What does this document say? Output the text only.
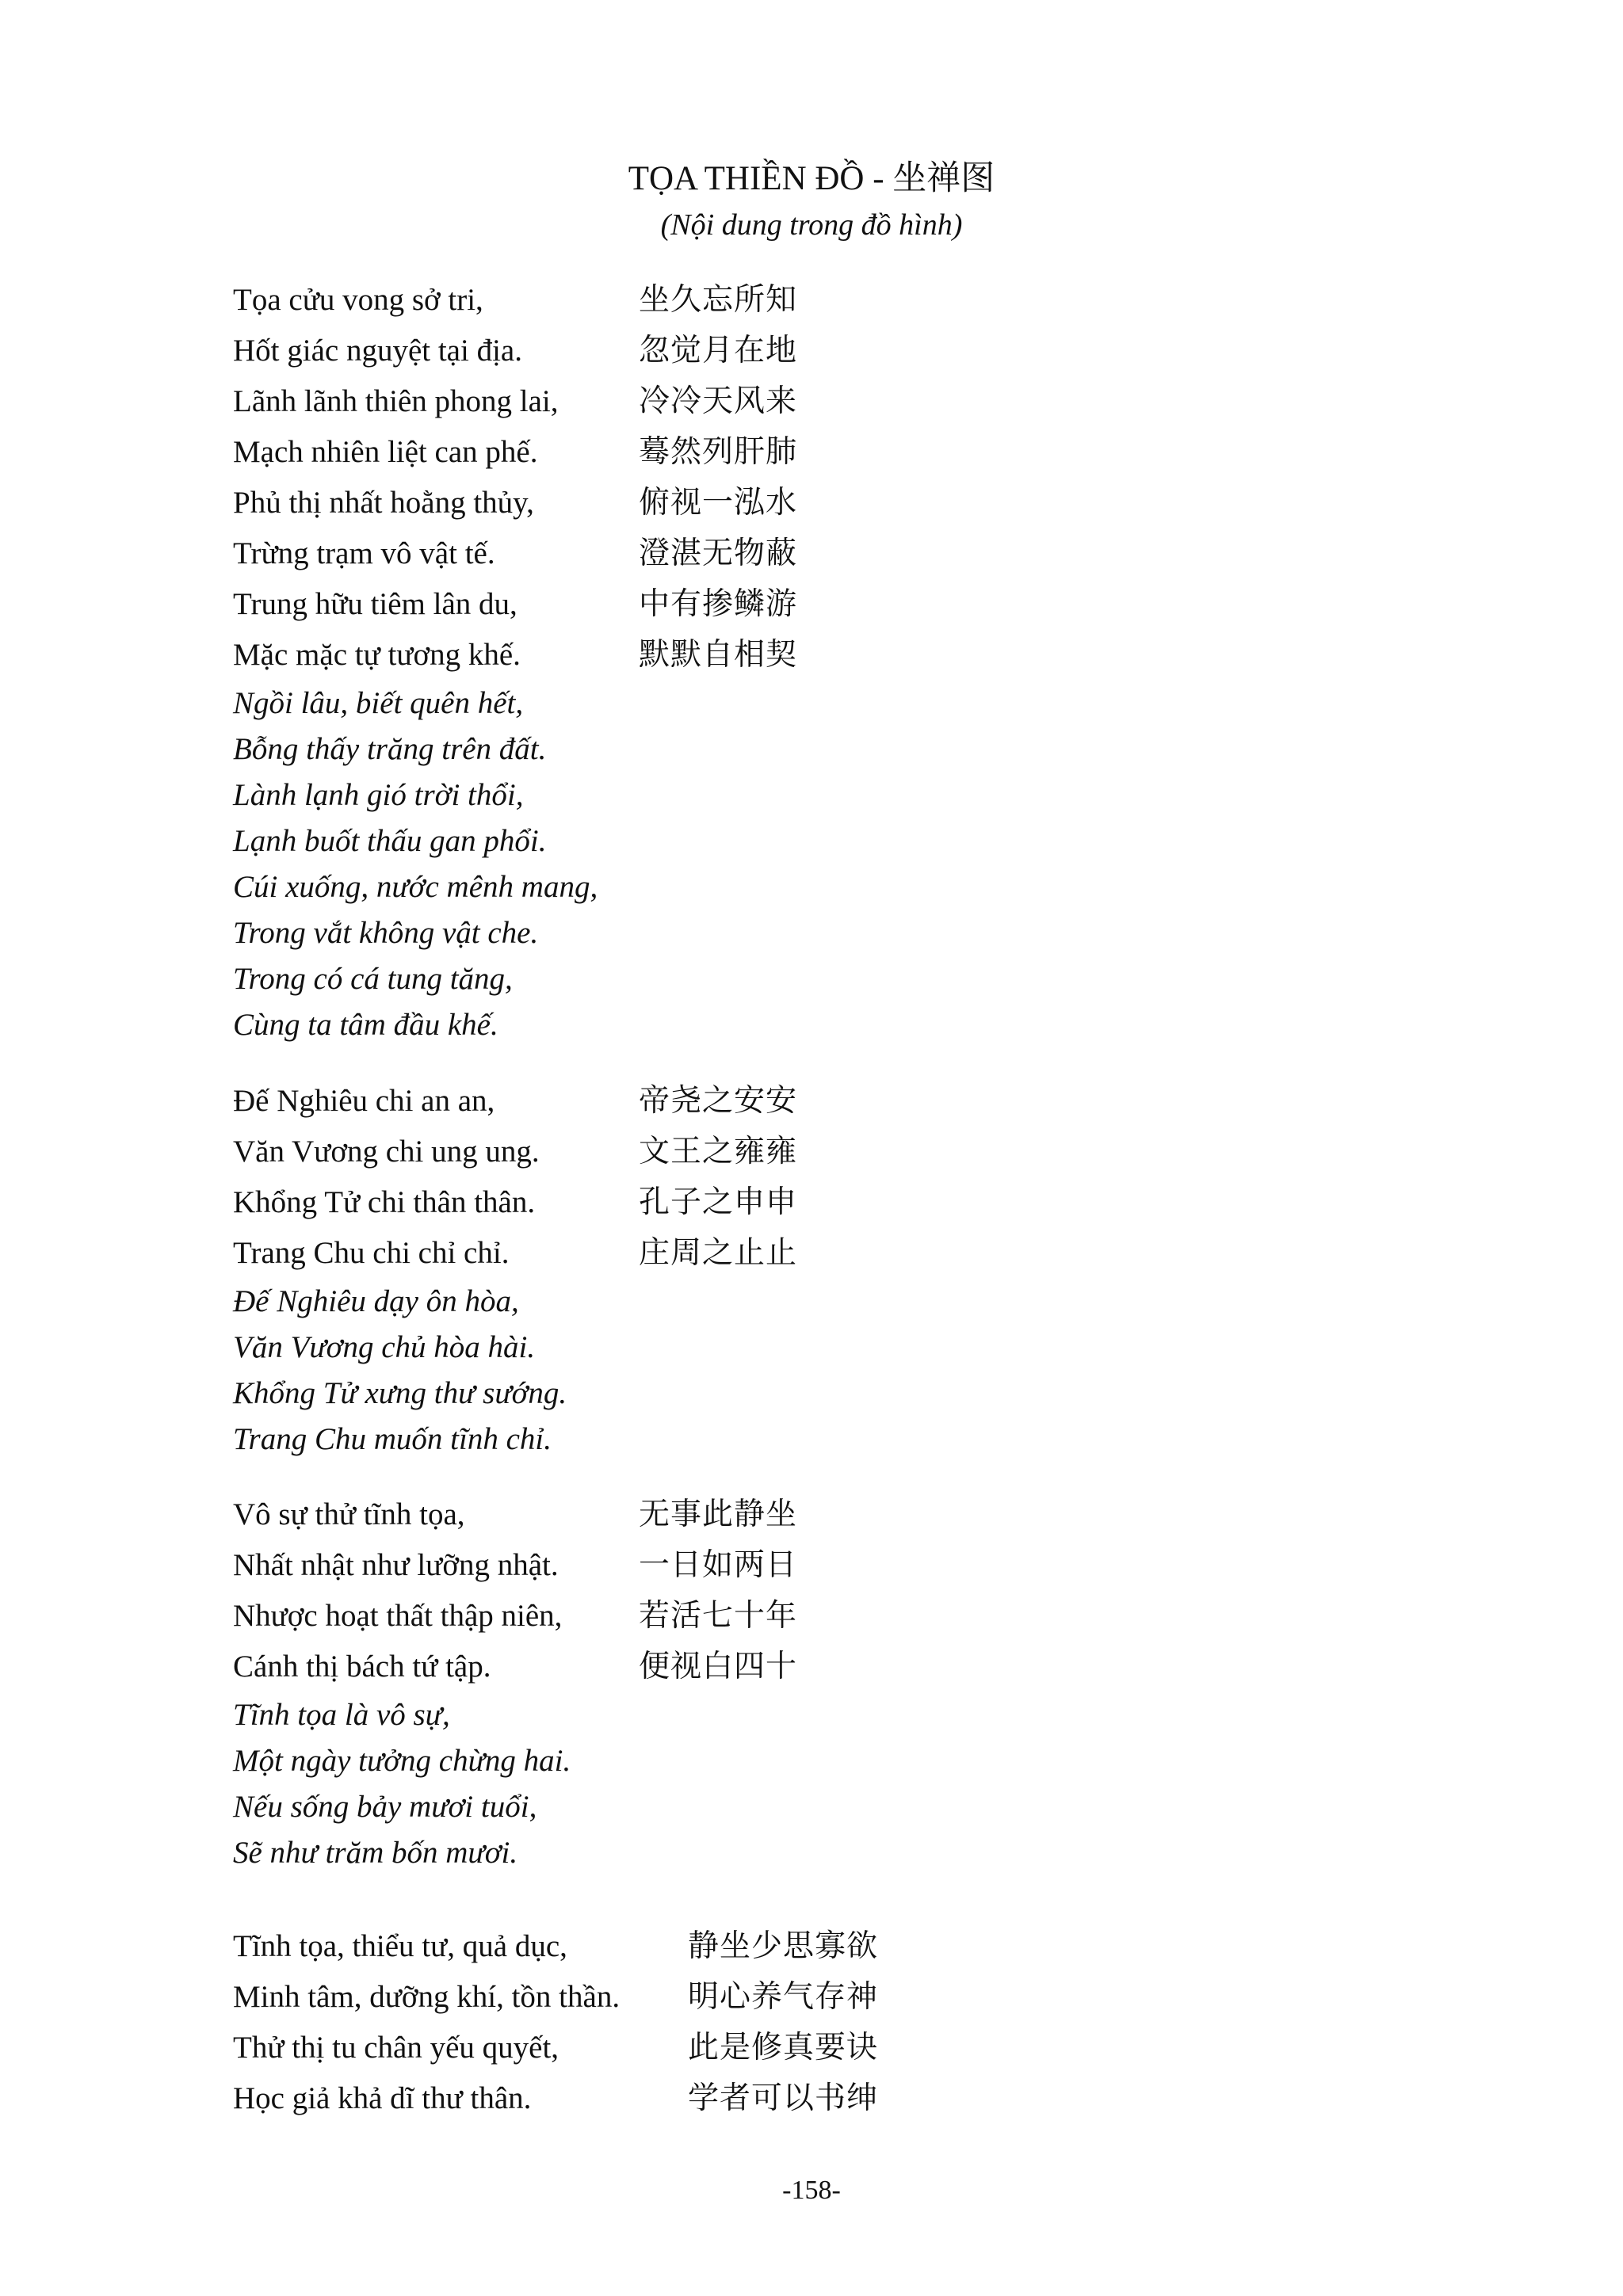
TỌA THIỀN ĐỒ - 坐禅图
(Nội dung trong đồ hình)
Tọa cửu vong sở tri,	坐久忘所知
Hốt giác nguyệt tại địa.	忽觉月在地
Lãnh lãnh thiên phong lai,	冷冷天风来
Mạch nhiên liệt can phế.	蓦然列肝肺
Phủ thị nhất hoằng thủy,	俯视一泓水
Trừng trạm vô vật tế.	澄湛无物蔽
Trung hữu tiêm lân du,	中有掺鳞游
Mặc mặc tự tương khế.	默默自相契
Ngồi lâu, biết quên hết,
Bỗng thấy trăng trên đất.
Lành lạnh gió trời thổi,
Lạnh buốt thấu gan phổi.
Cúi xuống, nước mênh mang,
Trong vắt không vật che.
Trong có cá tung tăng,
Cùng ta tâm đầu khế.
Đế Nghiêu chi an an,	帝尧之安安
Văn Vương chi ung ung.	文王之雍雍
Khổng Tử chi thân thân.	孔子之申申
Trang Chu chi chỉ chỉ.	庄周之止止
Đế Nghiêu dạy ôn hòa,
Văn Vương chủ hòa hài.
Khổng Tử xưng thư sướng.
Trang Chu muốn tĩnh chỉ.
Vô sự thử tĩnh tọa,	无事此静坐
Nhất nhật như lưỡng nhật.	一日如两日
Nhược hoạt thất thập niên, 若活七十年
Cánh thị bách tứ tập.	便视白四十
Tĩnh tọa là vô sự,
Một ngày tưởng chừng hai.
Nếu sống bảy mươi tuổi,
Sẽ như trăm bốn mươi.
Tĩnh tọa, thiểu tư, quả dục,	静坐少思寡欲
Minh tâm, dưỡng khí, tồn thần. 明心养气存神
Thử thị tu chân yếu quyết,	此是修真要诀
Học giả khả dĩ thư thân.	学者可以书绅
-158-
